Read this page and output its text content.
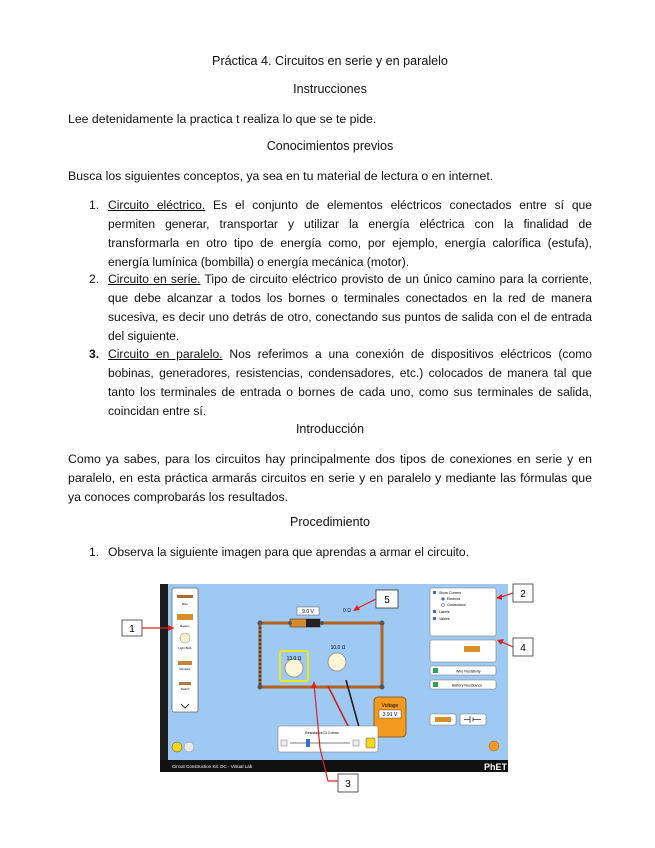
Práctica 4. Circuitos en serie y en paralelo
Instrucciones
Lee detenidamente la practica t realiza lo que se te pide.
Conocimientos previos
Busca los siguientes conceptos, ya sea en tu material de lectura o en internet.
1. Circuito eléctrico. Es el conjunto de elementos eléctricos conectados entre sí que permiten generar, transportar y utilizar la energía eléctrica con la finalidad de transformarla en otro tipo de energía como, por ejemplo, energía calorífica (estufa), energía lumínica (bombilla) o energía mecánica (motor).
2. Circuito en serie. Tipo de circuito eléctrico provisto de un único camino para la corriente, que debe alcanzar a todos los bornes o terminales conectados en la red de manera sucesiva, es decir uno detrás de otro, conectando sus puntos de salida con el de entrada del siguiente.
3. Circuito en paralelo. Nos referimos a una conexión de dispositivos eléctricos (como bobinas, generadores, resistencias, condensadores, etc.) colocados de manera tal que tanto los terminales de entrada o bornes de cada uno, como sus terminales de salida, coincidan entre sí.
Introducción
Como ya sabes, para los circuitos hay principalmente dos tipos de conexiones en serie y en paralelo, en esta práctica armarás circuitos en serie y en paralelo y mediante las fórmulas que ya conoces comprobarás los resultados.
Procedimiento
1. Observa la siguiente imagen para que aprendas a armar el circuito.
Wire
Battery
Light Bulb
Resistor
Switch
9.0 V	0 Ω
13.0 Ω
10.0 Ω
Voltage
3.91 V
Show Current
Electrons
Conventional
Labels
Values
Wire Resistivity
Battery Resistance
Resistance 13.0 ohms
Circuit Construction Kit: DC - Virtual Lab	PhET
1
2
3
4
5
